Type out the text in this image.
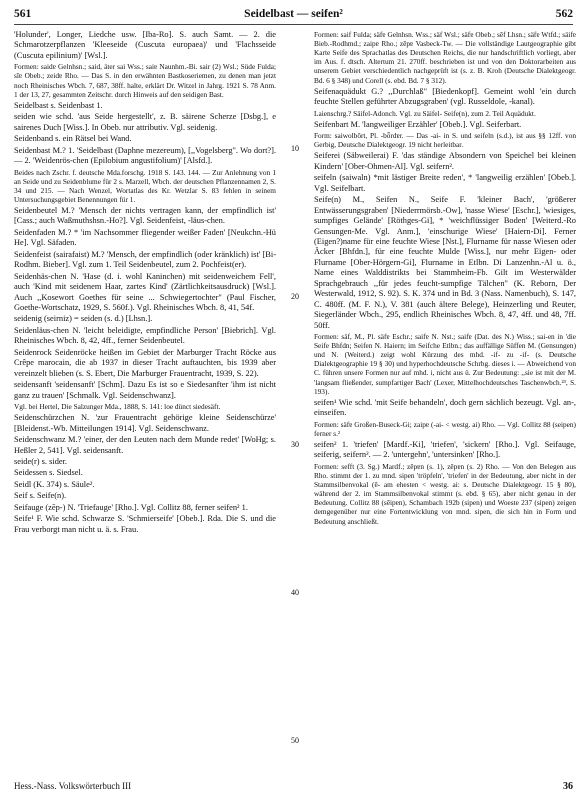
561	Seidelbast — seifen²	562

'Holunder', Longer, Liedche usw. [Iba-Ro]. S. auch Samt. — 2. die Schmarotzerpflanzen 'Kleeseide (Cuscuta europaea)' und 'Flachsseide (Cuscuta epilinium)' [Wsl.].

Formen: saidɐ Gelnhsn.; said, äter sai Wss.; saiɐ Naunhm.-Bi. sair (2) Wsl.; Süde Fulda; sīɐ Obeb.; zeidɐ Rho. — Das S. in den erwähnten Bastkoseriemen, zu denen man jetzt noch Rheinisches Wbch. 7, 687, 38ff. halte, erklärt Dr. Witzel in Jahrg. 1921 S. 78 Anm. 1 der 13, 27, gesammten Zeitschr. durch Hinweis auf den seidigen Bast.

Seidelbast s. Seidenbast 1.

seiden wie schd. 'aus Seide hergestellt', z. B. säirene Scherze [Dsbg.], e sairenes Duch [Wiss.]. In Obeb. nur attributiv. Vgl. seidenig.

Seidenband s. ein Rätsel bei Wand.

Seidenbast M.? 1. 'Seidelbast (Daphne mezereum), [,,Vogelsberg". Wo dort?]. — 2. 'Weidenrös-chen (Epilobium angustifolium)' [Alsfd.].

Beides nach Zschr. f. deutsche Mda.forschg. 1918 S. 143. 144. — Zur Anlehnung von 1 an Seide und zu Seidenblume für 2 s. Marzell, Wbch. der deutschen Pflanzennamen 2, S. 34 und 215. — Nach Wenzel, Wortatlas des Kr. Wetzlar S. 83 fehlen in seinem Untersuchungsgebiet Benennungen für 1.

Seidenbeutel M.? 'Mensch der nichts vertragen kann, der empfindlich ist' [Cass.; auch Waßmuthshsn.-Ho?]. Vgl. Seidenfeist, -läus-chen.

Seidenfaden M.? * 'im Nachsommer fliegender weißer Faden' [Neukchn.-Hü He]. Vgl. Säfaden.

Seidenfeist (sairafaist) M.? 'Mensch, der empfindlich (oder kränklich) ist' [Bi-Rodhm. Bieber]. Vgl. zum 1. Teil Seidenbeutel, zum 2. Pochfeist(er).

Seidenhäs-chen N. 'Hase (d. i. wohl Kaninchen) mit seidenweichem Fell', auch 'Kind mit seidenem Haar, zartes Kind' (Zärtlichkeitsausdruck) [Wsl.]. Auch ,,Kosewort Goethes für seine ... Schwiegertochter" (Paul Fischer, Goethe-Wortschatz, 1929, S. 560f.). Vgl. Rheinisches Wbch. 8, 41, 54f.

seidenig (seirniz) = seiden (s. d.) [Lhsn.].

Seidenläus-chen N. 'leicht beleidigte, empfindliche Person' [Biebrich]. Vgl. Rheinisches Wbch. 8, 42, 4ff., ferner Seidenbeutel.

Seidenrock Seidenröcke heißen im Gebiet der Marburger Tracht Röcke aus Crêpe marocain, die ab 1937 in dieser Tracht auftauchten, bis 1939 aber vereinzelt blieben (s. S. Ebert, Die Marburger Frauentracht, 1939, S. 22).

seidensanft 'seidensanft' [Schm]. Dazu Es ist so e Siedesanfter 'ihm ist nicht ganz zu trauen' [Schmalk. Vgl. Seidenschwanz].

Vgl. bei Hertel, Die Salzunger Mda., 1888, S. 141: loe dünct siedesäft.

Seidenschürzchen N. 'zur Frauentracht gehörige kleine Seidenschürze' [Bleidenst.-Wb. Mitteilungen 1914]. Vgl. Seidenschwanz.

Seidenschwanz M.? 'einer, der den Leuten nach dem Munde redet' [WoHg; s. Heßler 2, 541]. Vgl. seidensanft.

seide(r) s. sider.

Seidessen s. Siedsel.

Seidl (K. 374) s. Säule².

Seif s. Seife(n).

Seifauge (zēp-) N. 'Triefauge' [Rho.]. Vgl. Collitz 88, ferner seifen² 1.

Seife¹ F. Wie schd. Schwarze S. 'Schmierseife' [Obeb.]. Rda. Die S. und die Frau verborgt man nicht u. ä. s. Frau.

10
20
30
40
50

Formen: saif Fulda; säfɐ Gelnhsn. Wss.; säf Wsl.; säfɐ Obeb.; sēf Lhsn.; säfɐ Wtfd.; säifɐ Bieb.-Rodhmd.; zaipɐ Rho.; zēpɐ Vasbeck-Tw. — Die vollständige Lautgeographie gibt Karte Seife des Sprachatlas des Deutschen Reichs, die nur handschriftlich vorliegt, aber im Aus. f. dtsch. Altertum 21. 270ff. beschrieben ist und von den Doktorarbeiten aus unserem Gebiet verschiedentlich nachgeprüft ist (s. z. B. Kroh (Deutsche Dialektgeogr. Bd. 6 § 348) und Corell (s. ebd. Bd. 7 § 312).

Seifenaquädukt G.? ,,Durchlaß" [Biedenkopf]. Gemeint wohl 'ein durch feuchte Stellen geführter Abzugsgraben' (vgl. Russeldole, -kanal).

Laienschrg.? Säifel-Adonch. Vgl. zu Säifel- Seife(n), zum 2. Teil Aquädukt.

Seifenbart M. 'langweiliger Erzähler' [Obeb.]. Vgl. Seiferbart.

Form: saiwolbōrt, Pl. -bȫrdɐr. — Das -ai- in S. und seifeln (s.d.), ist aus §§ 12ff. von Gerbig, Deutsche Dialektgeogr. 19 nicht herleitbar.

Seiferei (Säbweilerai) F. 'das ständige Absondern von Speichel bei kleinen Kindern' [Ober-Ohmen-Al]. Vgl. seifern².

seifeln (saiwaln) *mit lästiger Breite reden', * 'langweilig erzählen' [Obeb.]. Vgl. Seifelbart.

Seife(n) M., Seifen N., Seife F. 'kleiner Bach', 'größerer Entwässerungsgraben' [Niederrmörsb.-Ow], 'nasse Wiese' [Eschr.], 'wiesiges, sumpfiges Gelände' [Röthges-Gi], * 'weichflüssiger Boden' [Weiterd.-Ro Gensungen-Me. Vgl. Anm.], 'einschurige Wiese' [Haiern-Di]. Ferner (Eigen?)name für eine feuchte Wiese [Nst.], Flurname für nasse Wiesen oder Äcker [Bhfdn.], für eine feuchte Mulde [Wiss.], nur mehr Eigen- oder Flurname [Ober-Hörgern-Gi], Flurname in Etlbn. Di Lanzenhn.-Al u. ö., Name eines Walddistrikts bei Stammheim-Fb. Gilt im Westerwälder Sprachgebrauch ,,für jedes feucht-sumpfige Tälchen" (K. Reborn, Der Westerwald, 1912, S. 92). S. K. 374 und in Bd. 3 (Nass. Namenbuch), S. 147, C. 480ff. (M. F. N.), V. 381 (auch ältere Belege), Heinzerling und Reuter, Siegerländer Wbch., 295, endlich Rheinisches Wbch. 8, 47, 4ff. und 48, 7ff. 50ff.

Formen: säf, M., Pl. säfɐ Eschr.; saifɐ N. Nst.; saifɐ (Dat. des N.) Wiss.; sai-en in 'die Seife Bhfdn; Seifen N. Haiern; im Seifche Etlbn.; das auffällige Süffen M. (Gensungen) und N. (Weiterd.) zeigt wohl Kürzung des mhd. -if- zu -if- (s. Deutsche Dialektgeographie 19 § 30) und hyperhochdeutsche Schrbg. dieses i. — Abweichend von C. führen unsere Formen nur auf mhd. i, nicht aus ü. Zur Bedeutung: ,,sie ist mit der M. 'langsam fließender, sumpfartiger Bach' (Lexer, Mittelhochdeutsches Taschenwbch.²³, S. 193).

seifen¹ Wie schd. 'mit Seife behandeln', doch gern sächlich bezeugt. Vgl. an-, einseifen.

Formen: säfɐ Großen-Buseck-Gi; zaipɐ (-ai- < westg. ai) Rho. — Vgl. Collitz 88 (seipen) ferner s.²

seifen² 1. 'triefen' [Mardf.-Ki], 'triefen', 'sickern' [Rho.]. Vgl. Seifauge, seiferig, seifern². — 2. 'untergehn', 'untersinken' [Rho.].

Formen: sefft (3. Sg.) Mardf.; zēpɐn (s. 1), zēpɐn (s. 2) Rho. — Von den Belegen aus Rho. stimmt der 1. zu mnd. sipen 'tröpfeln', 'triefen' in der Bedeutung, aber nicht in der Stammsilbenvokal (ē- am ehesten < westg. ai: s. Deutsche Dialektgeogr. 15 § 80), während der 2. im Stammsilbenvokal stimmt (s. ebd. § 65), aber nicht genau in der Bedeutung. Collitz 88 (sēipɐn), Schambach 192b (sipen) und Woeste 237 (sipen) zeigen demgegenüber nur eine Fortentwicklung von mnd. sipen, die sich hin in Form und Bedeutung anschließt.

Hess.-Nass. Volkswörterbuch III	36
